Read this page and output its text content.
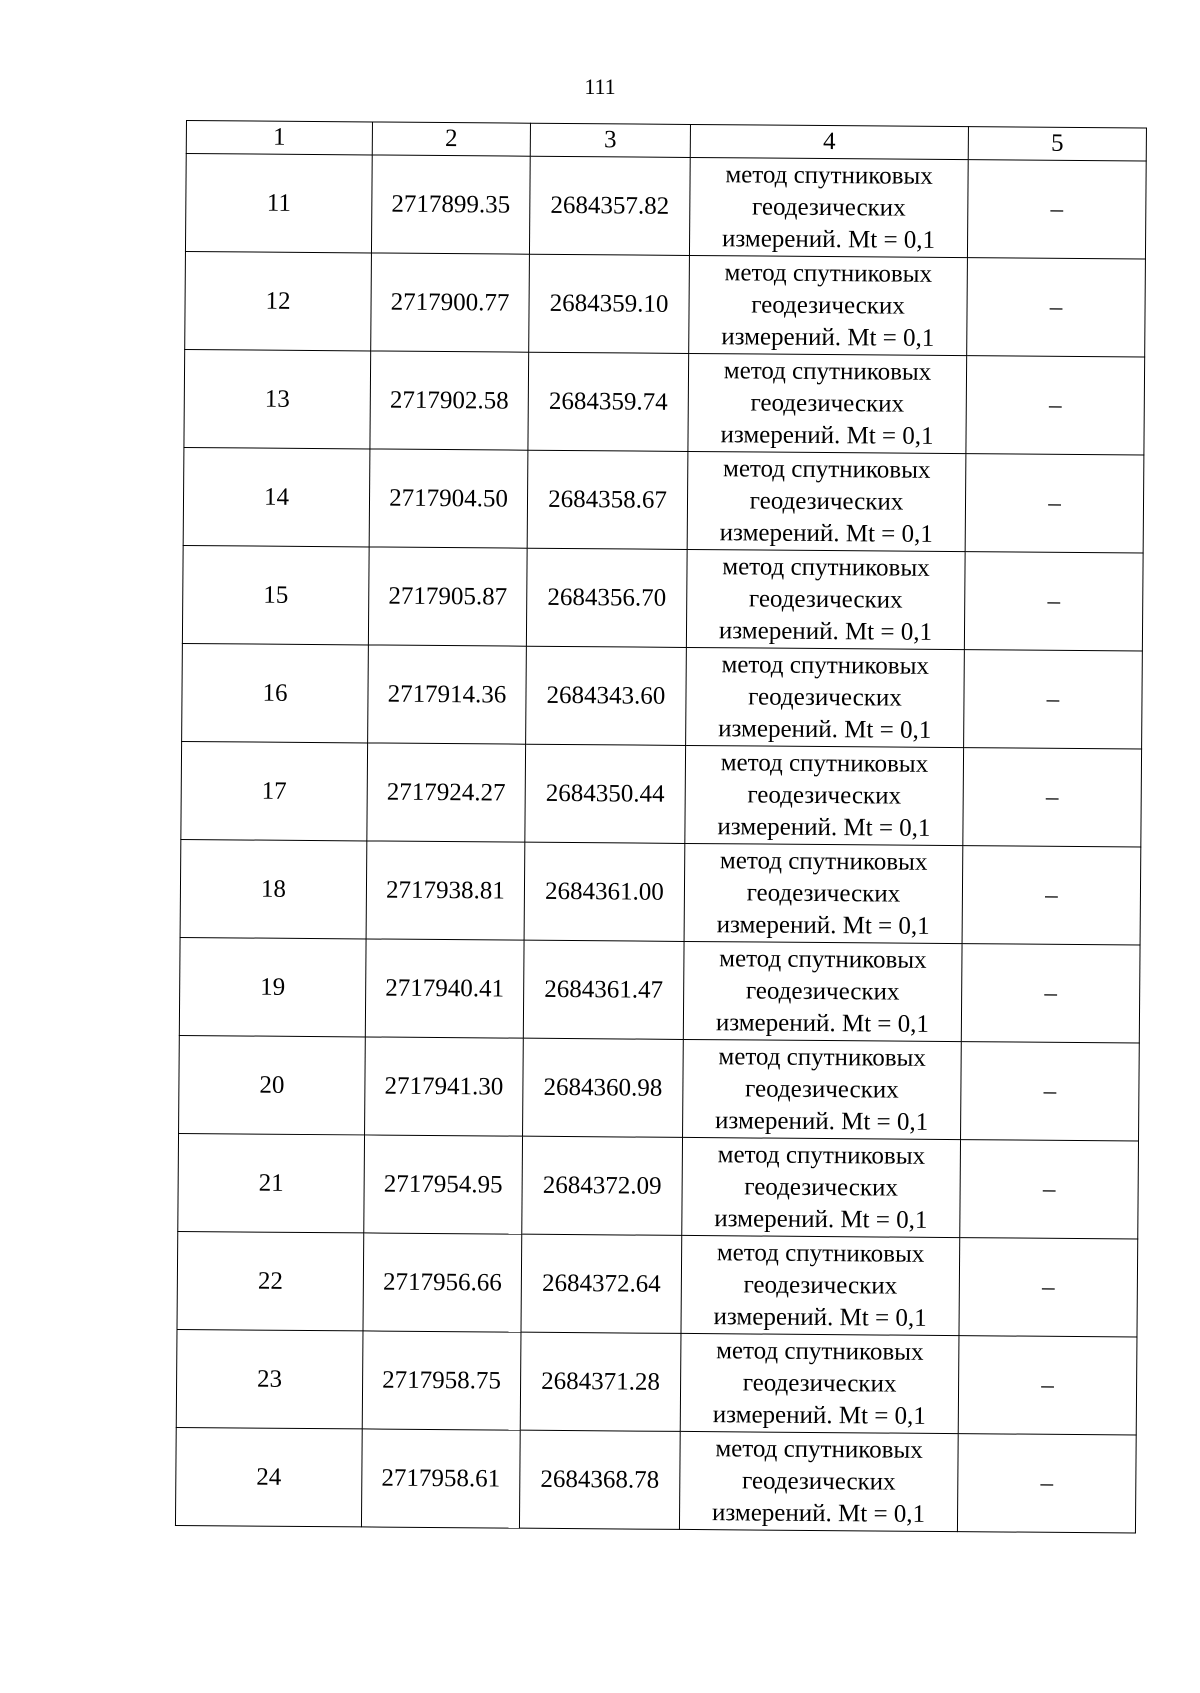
111
1	2	3	4	5
11	2717899.35	2684357.82	метод спутниковых
геодезических
измерений. Mt = 0,1	–
12	2717900.77	2684359.10	метод спутниковых
геодезических
измерений. Mt = 0,1	–
13	2717902.58	2684359.74	метод спутниковых
геодезических
измерений. Mt = 0,1	–
14	2717904.50	2684358.67	метод спутниковых
геодезических
измерений. Mt = 0,1	–
15	2717905.87	2684356.70	метод спутниковых
геодезических
измерений. Mt = 0,1	–
16	2717914.36	2684343.60	метод спутниковых
геодезических
измерений. Mt = 0,1	–
17	2717924.27	2684350.44	метод спутниковых
геодезических
измерений. Mt = 0,1	–
18	2717938.81	2684361.00	метод спутниковых
геодезических
измерений. Mt = 0,1	–
19	2717940.41	2684361.47	метод спутниковых
геодезических
измерений. Mt = 0,1	–
20	2717941.30	2684360.98	метод спутниковых
геодезических
измерений. Mt = 0,1	–
21	2717954.95	2684372.09	метод спутниковых
геодезических
измерений. Mt = 0,1	–
22	2717956.66	2684372.64	метод спутниковых
геодезических
измерений. Mt = 0,1	–
23	2717958.75	2684371.28	метод спутниковых
геодезических
измерений. Mt = 0,1	–
24	2717958.61	2684368.78	метод спутниковых
геодезических
измерений. Mt = 0,1	–
